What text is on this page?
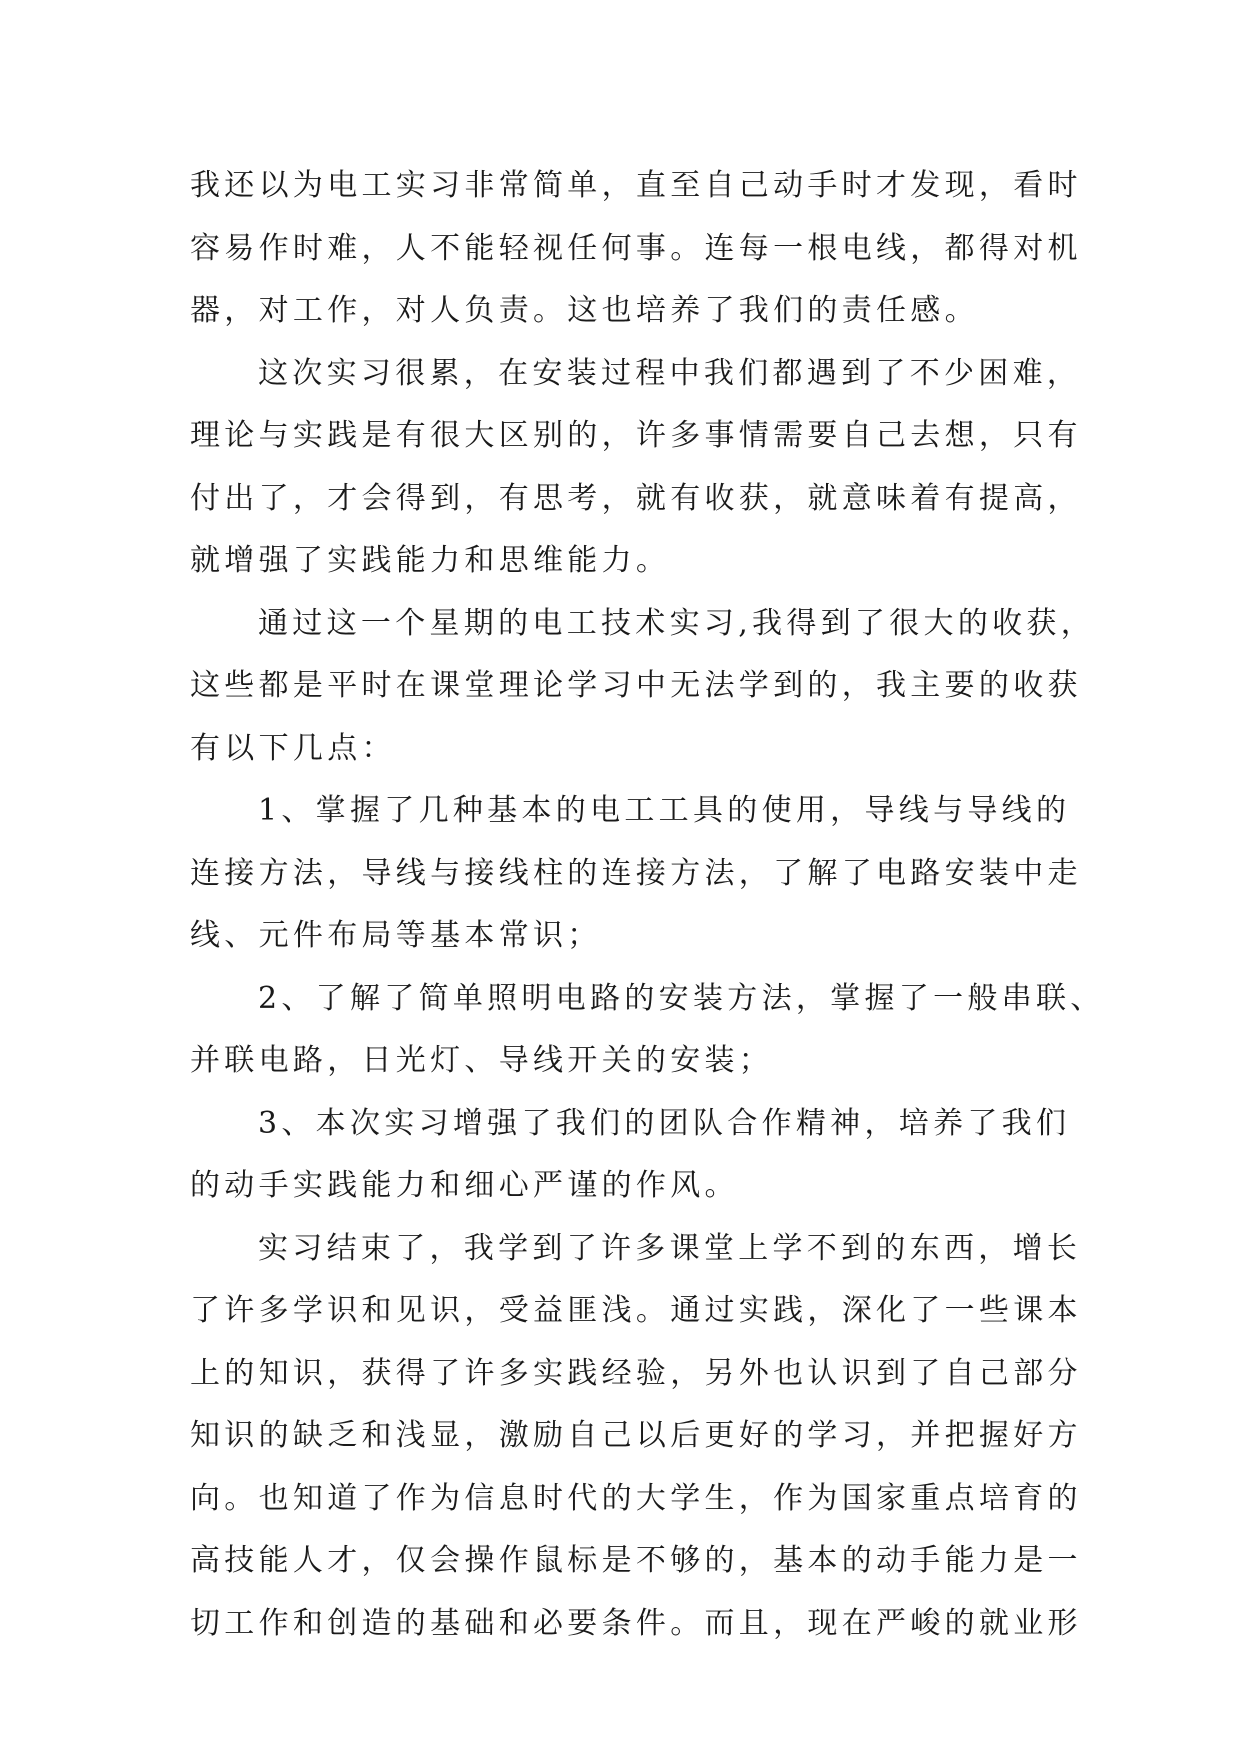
我还以为电工实习非常简单，直至自己动手时才发现，看时
容易作时难，人不能轻视任何事。连每一根电线，都得对机
器，对工作，对人负责。这也培养了我们的责任感。
这次实习很累，在安装过程中我们都遇到了不少困难，
理论与实践是有很大区别的，许多事情需要自己去想，只有
付出了，才会得到，有思考，就有收获，就意味着有提高，
就增强了实践能力和思维能力。
通过这一个星期的电工技术实习,我得到了很大的收获，
这些都是平时在课堂理论学习中无法学到的，我主要的收获
有以下几点：
1、掌握了几种基本的电工工具的使用，导线与导线的
连接方法，导线与接线柱的连接方法，了解了电路安装中走
线、元件布局等基本常识；
2、了解了简单照明电路的安装方法，掌握了一般串联、
并联电路，日光灯、导线开关的安装；
3、本次实习增强了我们的团队合作精神，培养了我们
的动手实践能力和细心严谨的作风。
实习结束了，我学到了许多课堂上学不到的东西，增长
了许多学识和见识，受益匪浅。通过实践，深化了一些课本
上的知识，获得了许多实践经验，另外也认识到了自己部分
知识的缺乏和浅显，激励自己以后更好的学习，并把握好方
向。也知道了作为信息时代的大学生，作为国家重点培育的
高技能人才，仅会操作鼠标是不够的，基本的动手能力是一
切工作和创造的基础和必要条件。而且，现在严峻的就业形
